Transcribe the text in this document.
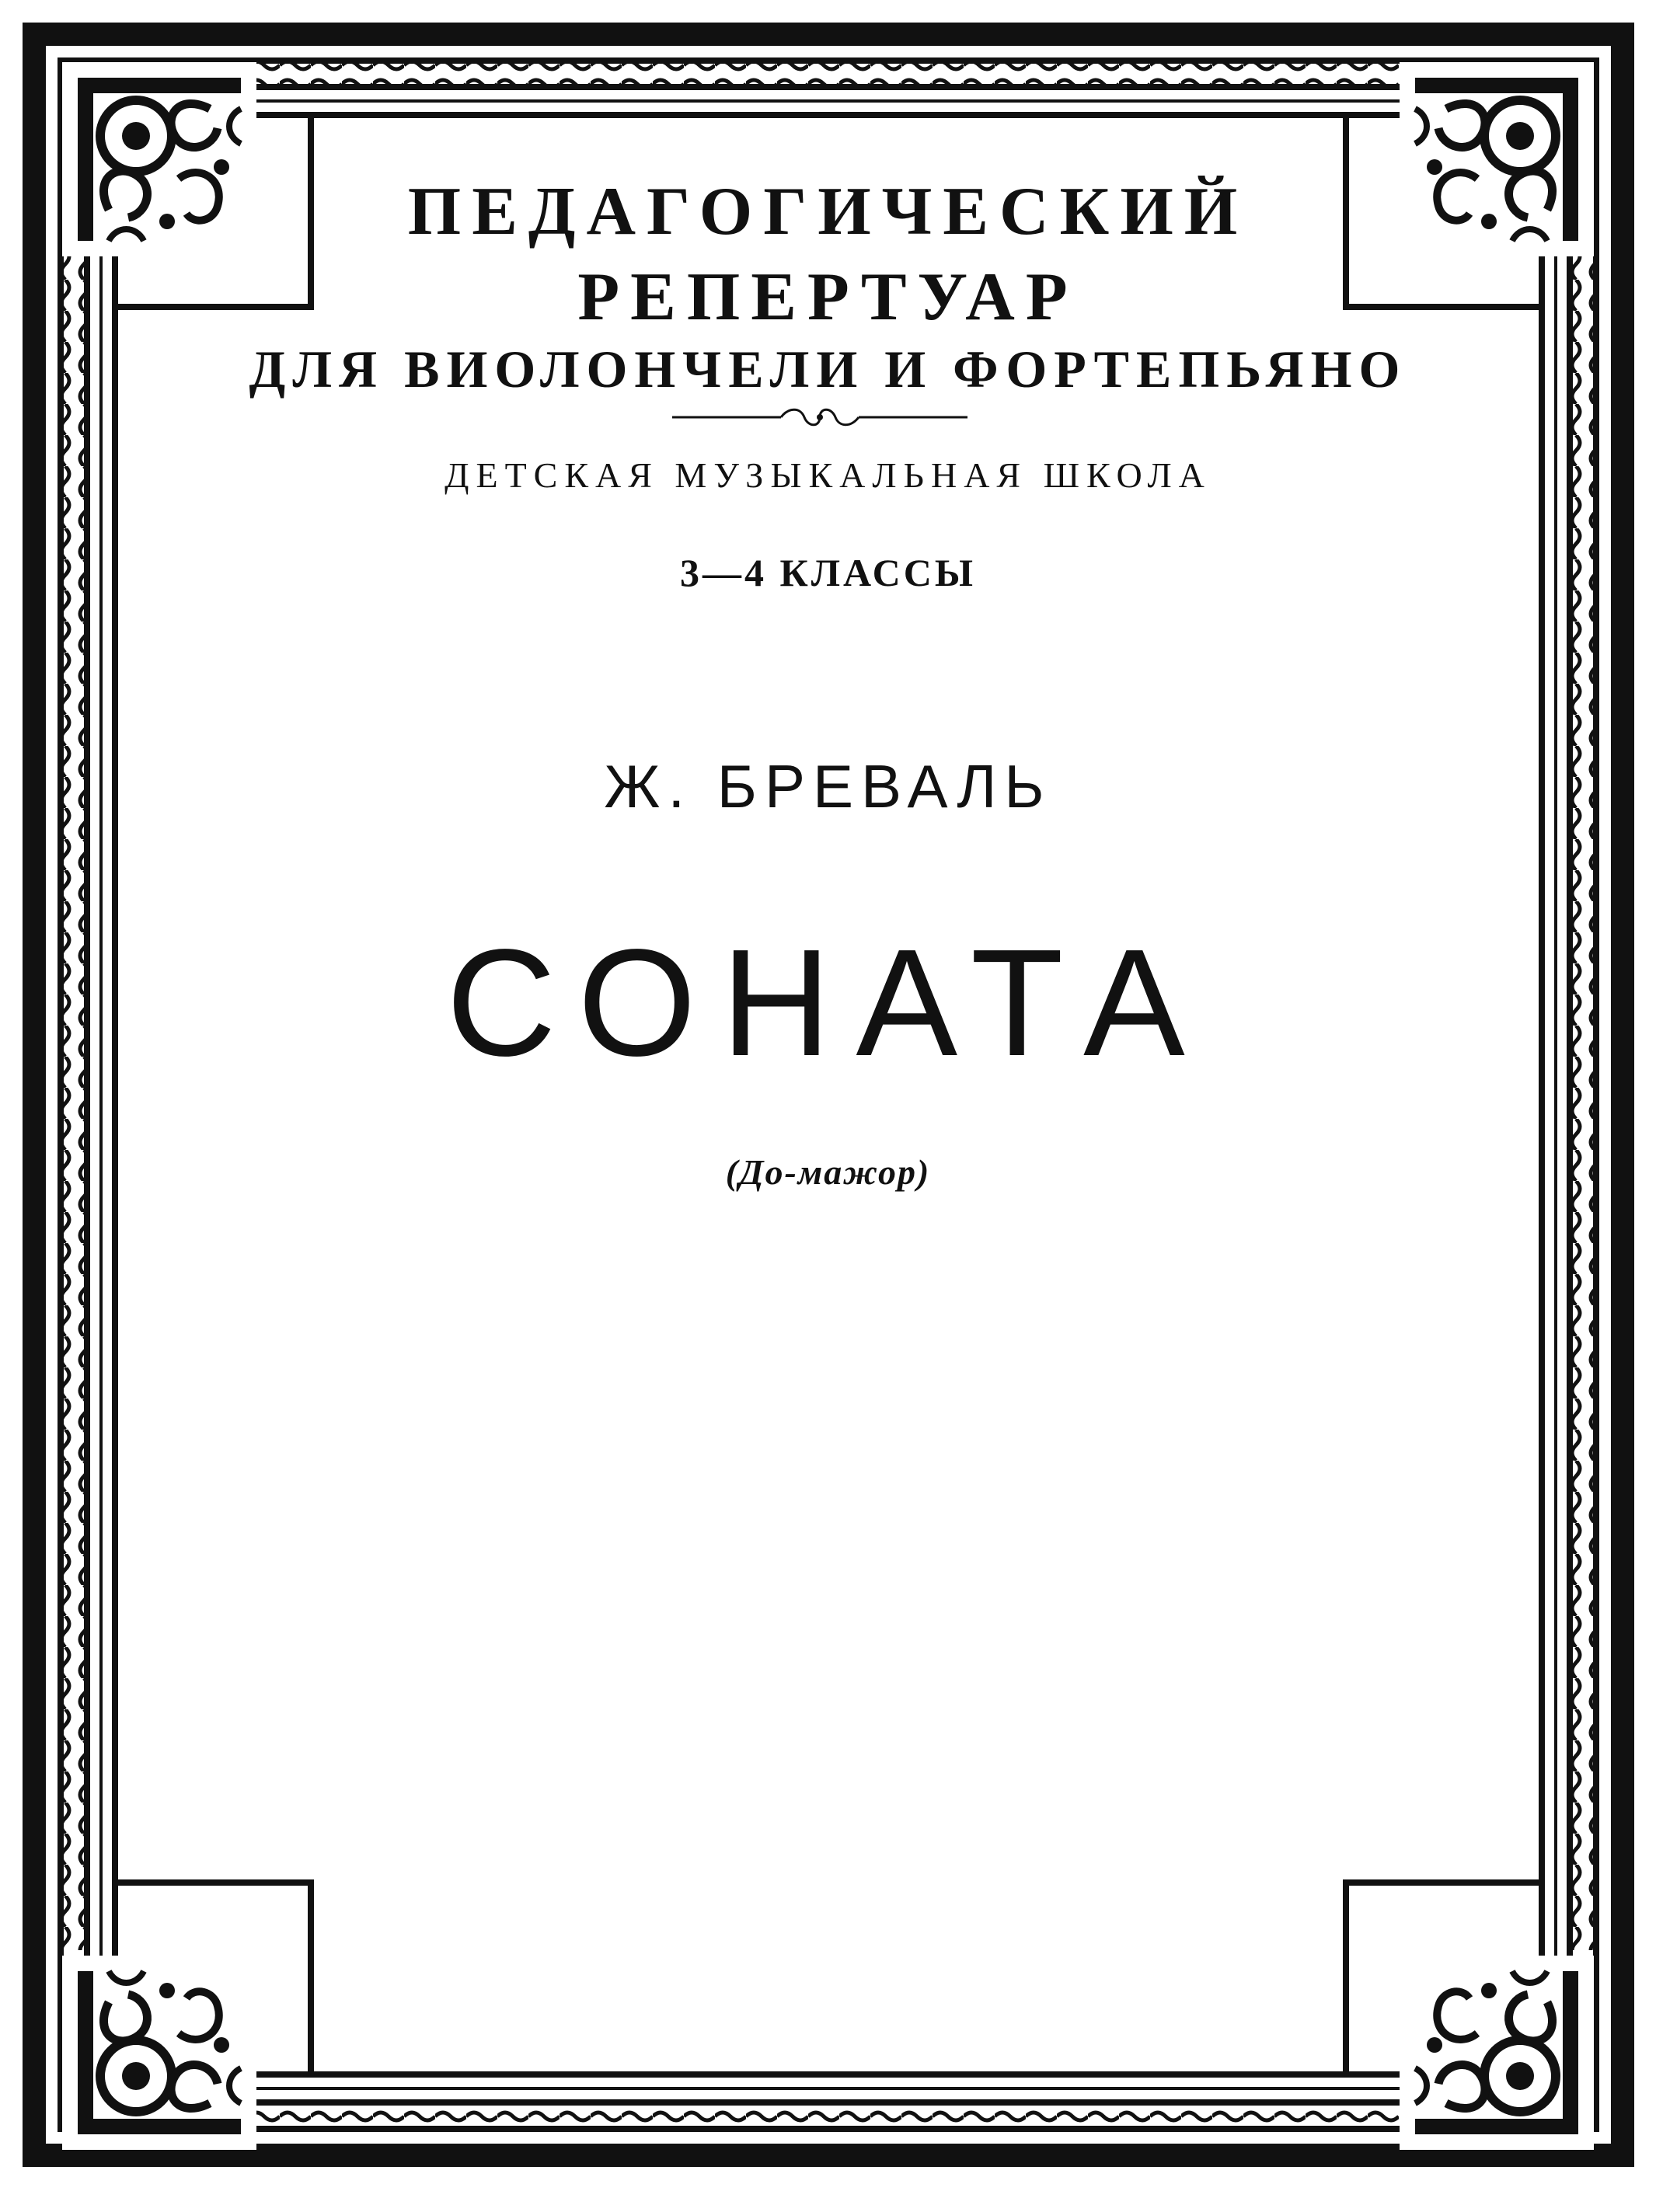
ПЕДАГОГИЧЕСКИЙ

РЕПЕРТУАР

ДЛЯ ВИОЛОНЧЕЛИ И ФОРТЕПЬЯНО

ДЕТСКАЯ МУЗЫКАЛЬНАЯ ШКОЛА

3—4 КЛАССЫ

Ж. БРЕВАЛЬ

СОНАТА

(До-мажор)
